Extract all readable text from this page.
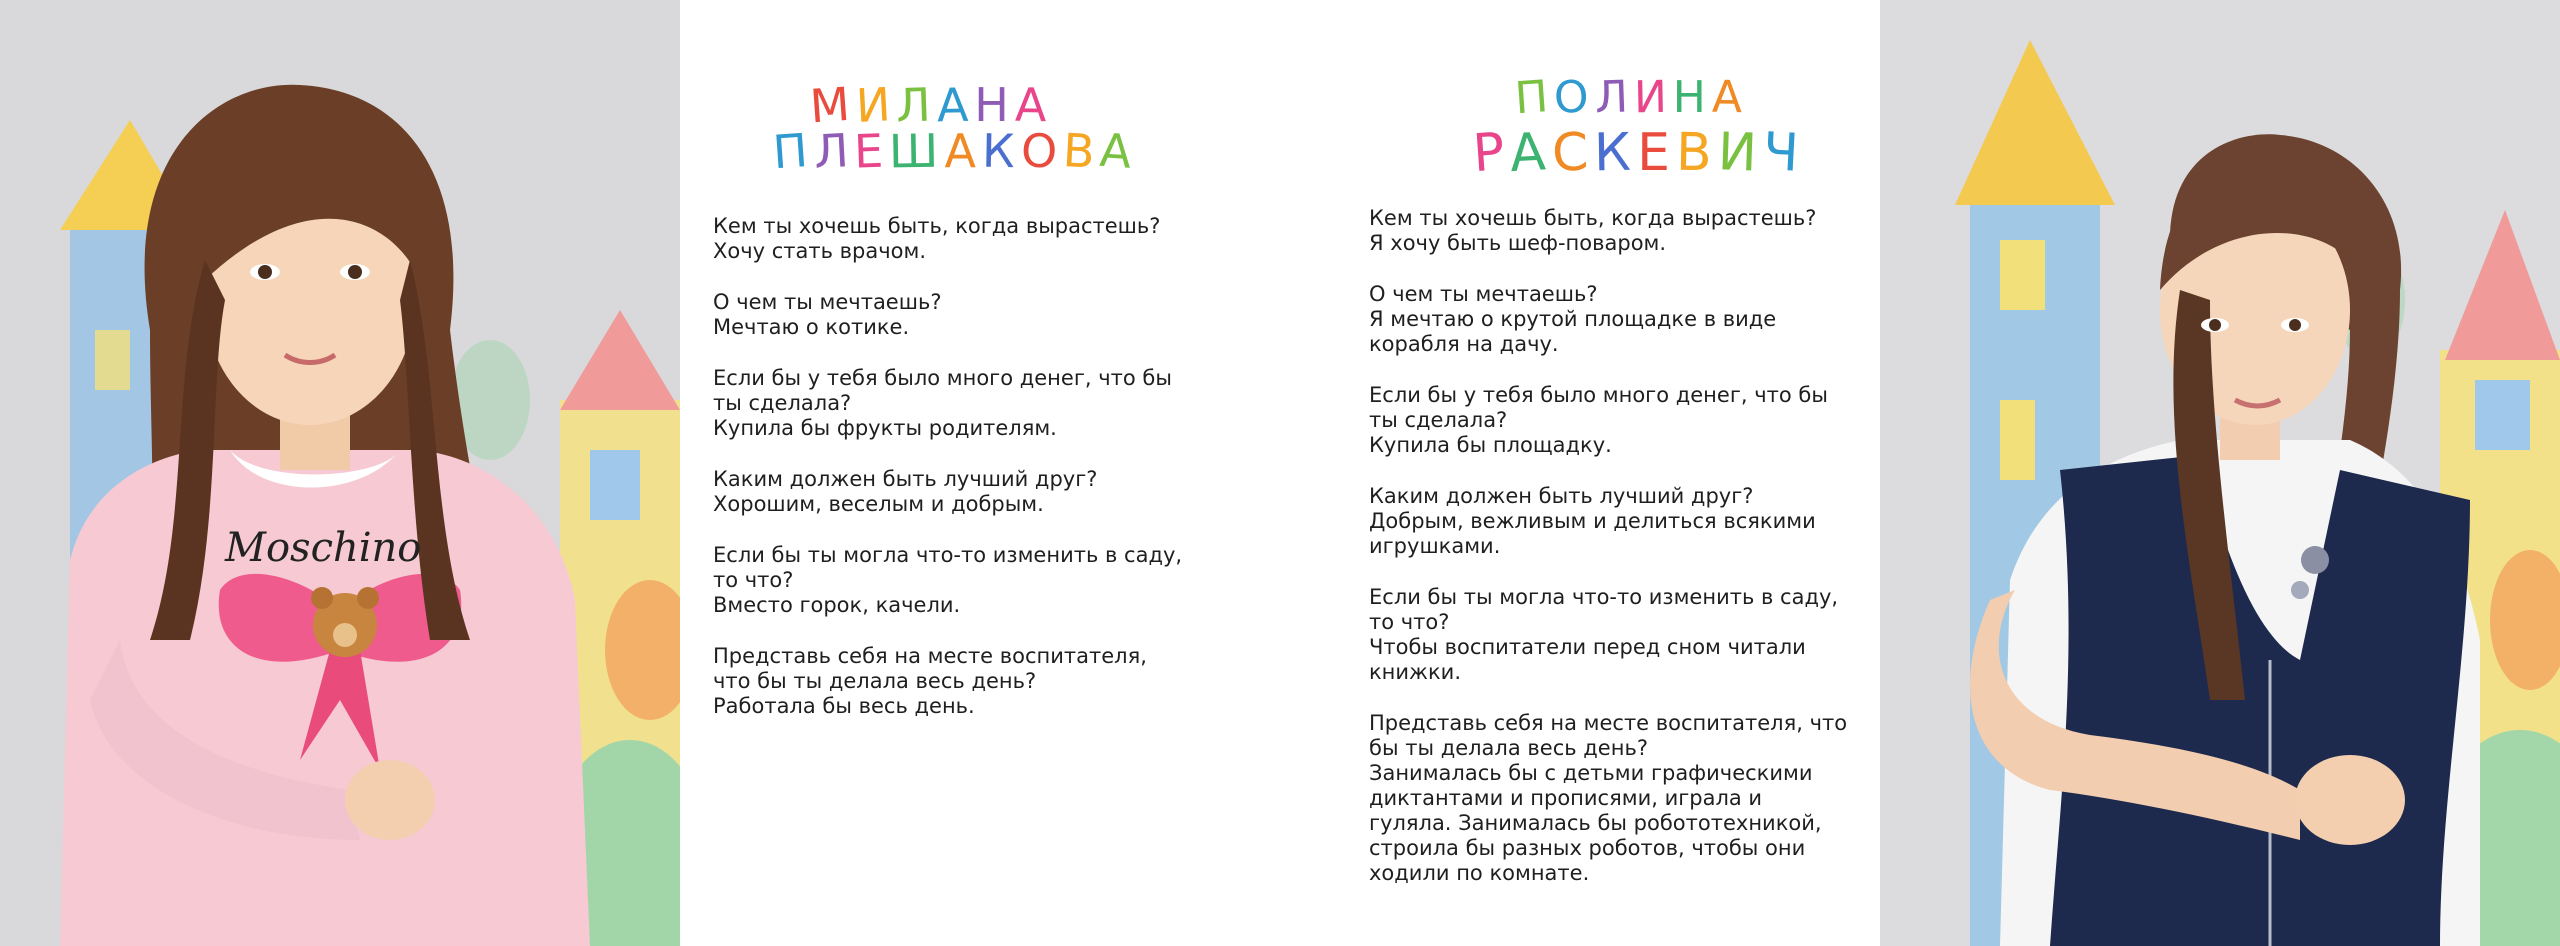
Moschino
МИЛАНА
ПЛЕШАКОВА

Кем ты хочешь быть, когда вырастешь?

Хочу стать врачом.

О чем ты мечтаешь?

Мечтаю о котике.

Если бы у тебя было много денег, что бы ты сделала?

Купила бы фрукты родителям.

Каким должен быть лучший друг?

Хорошим, веселым и добрым.

Если бы ты могла что-то изменить в саду, то что?

Вместо горок, качели.

Представь себя на месте воспитателя, что бы ты делала весь день?

Работала бы весь день.

ПОЛИНА
РАСКЕВИЧ

Кем ты хочешь быть, когда вырастешь?

Я хочу быть шеф-поваром.

О чем ты мечтаешь?

Я мечтаю о крутой площадке в виде корабля на дачу.

Если бы у тебя было много денег, что бы ты сделала?

Купила бы площадку.

Каким должен быть лучший друг?

Добрым, вежливым и делиться всякими игрушками.

Если бы ты могла что-то изменить в саду, то что?

Чтобы воспитатели перед сном читали книжки.

Представь себя на месте воспитателя, что бы ты делала весь день?

Занималась бы с детьми графическими диктантами и прописями, играла и гуляла. Занималась бы робототехникой, строила бы разных роботов, чтобы они ходили по комнате.
